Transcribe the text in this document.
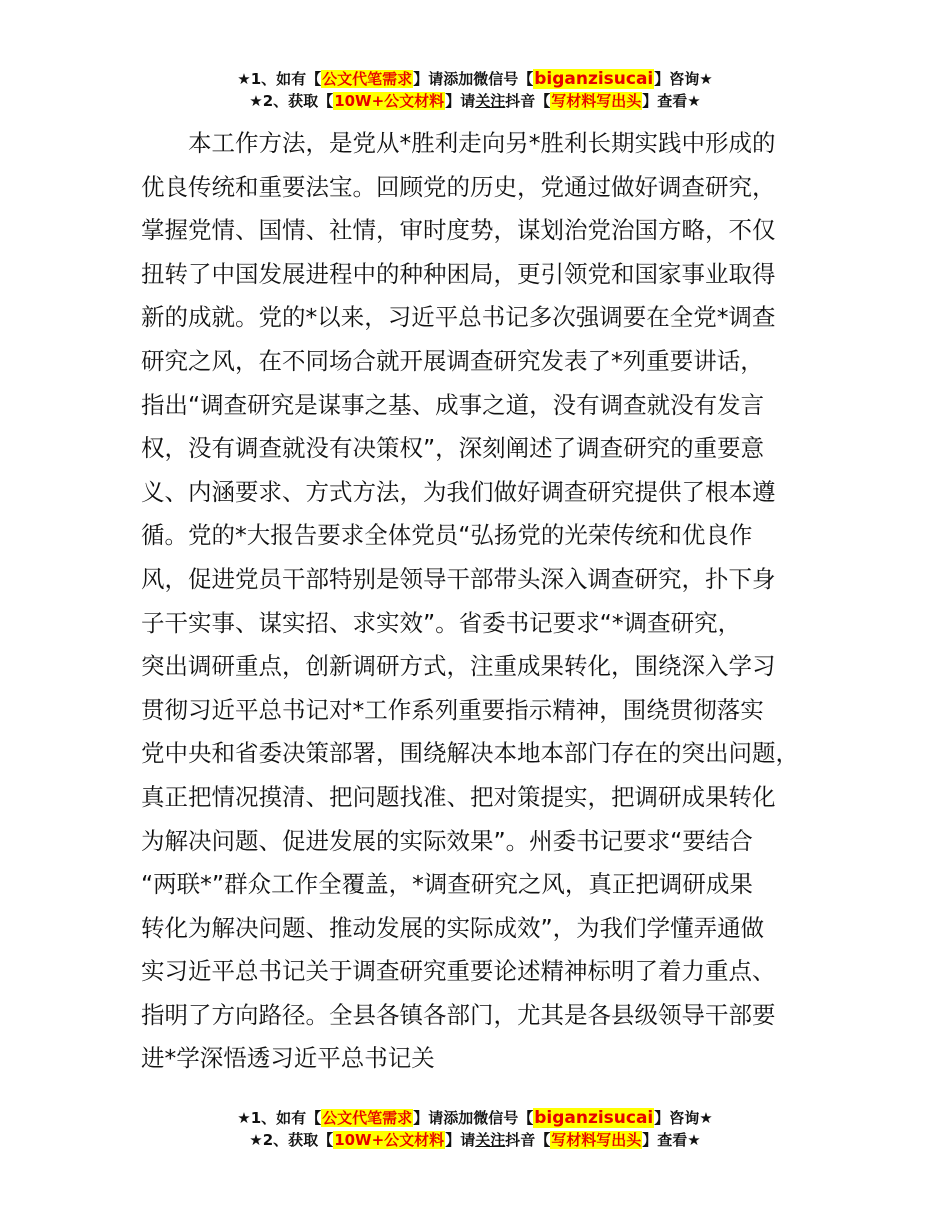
★1、如有【公文代笔需求】请添加微信号【biganzisucai】咨询★
★2、获取【10W+公文材料】请关注抖音【写材料写出头】查看★
本工作方法，是党从*胜利走向另*胜利长期实践中形成的
优良传统和重要法宝。回顾党的历史，党通过做好调查研究，
掌握党情、国情、社情，审时度势，谋划治党治国方略，不仅
扭转了中国发展进程中的种种困局，更引领党和国家事业取得
新的成就。党的*以来，习近平总书记多次强调要在全党*调查
研究之风，在不同场合就开展调查研究发表了*列重要讲话，
指出“调查研究是谋事之基、成事之道，没有调查就没有发言
权，没有调查就没有决策权”，深刻阐述了调查研究的重要意
义、内涵要求、方式方法，为我们做好调查研究提供了根本遵
循。党的*大报告要求全体党员“弘扬党的光荣传统和优良作
风，促进党员干部特别是领导干部带头深入调查研究，扑下身
子干实事、谋实招、求实效”。省委书记要求“*调查研究，
突出调研重点，创新调研方式，注重成果转化，围绕深入学习
贯彻习近平总书记对*工作系列重要指示精神，围绕贯彻落实
党中央和省委决策部署，围绕解决本地本部门存在的突出问题，
真正把情况摸清、把问题找准、把对策提实，把调研成果转化
为解决问题、促进发展的实际效果”。州委书记要求“要结合
“两联*”群众工作全覆盖，*调查研究之风，真正把调研成果
转化为解决问题、推动发展的实际成效”，为我们学懂弄通做
实习近平总书记关于调查研究重要论述精神标明了着力重点、
指明了方向路径。全县各镇各部门，尤其是各县级领导干部要
进*学深悟透习近平总书记关
★1、如有【公文代笔需求】请添加微信号【biganzisucai】咨询★
★2、获取【10W+公文材料】请关注抖音【写材料写出头】查看★
